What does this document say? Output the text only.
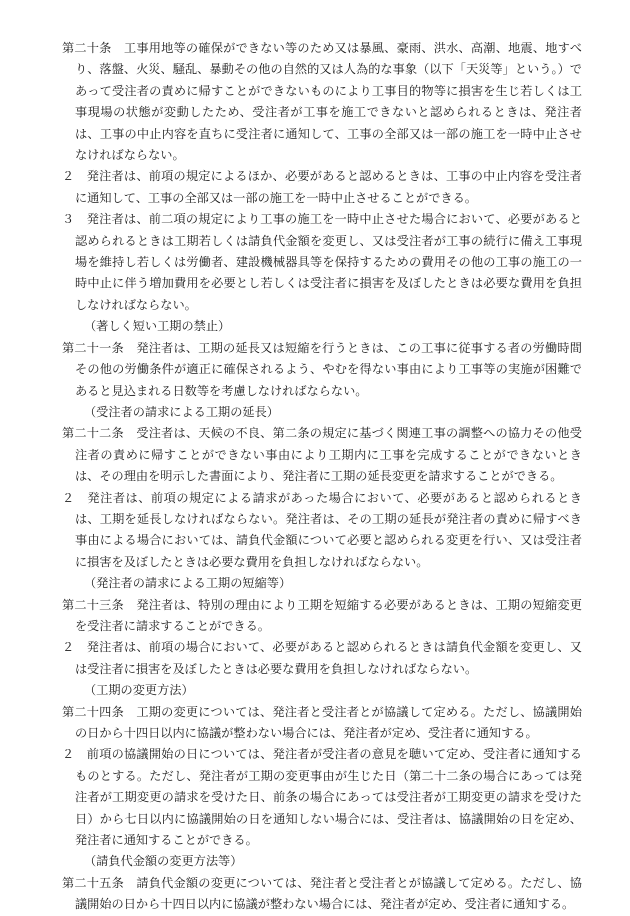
第二十条　工事用地等の確保ができない等のため又は暴風、豪雨、洪水、高潮、地震、地すべり、落盤、火災、騒乱、暴動その他の自然的又は人為的な事象（以下「天災等」という。）であって受注者の責めに帰すことができないものにより工事目的物等に損害を生じ若しくは工事現場の状態が変動したため、受注者が工事を施工できないと認められるときは、発注者は、工事の中止内容を直ちに受注者に通知して、工事の全部又は一部の施工を一時中止させなければならない。

２　発注者は、前項の規定によるほか、必要があると認めるときは、工事の中止内容を受注者に通知して、工事の全部又は一部の施工を一時中止させることができる。

３　発注者は、前二項の規定により工事の施工を一時中止させた場合において、必要があると認められるときは工期若しくは請負代金額を変更し、又は受注者が工事の続行に備え工事現場を維持し若しくは労働者、建設機械器具等を保持するための費用その他の工事の施工の一時中止に伴う増加費用を必要とし若しくは受注者に損害を及ぼしたときは必要な費用を負担しなければならない。

（著しく短い工期の禁止）

第二十一条　発注者は、工期の延長又は短縮を行うときは、この工事に従事する者の労働時間その他の労働条件が適正に確保されるよう、やむを得ない事由により工事等の実施が困難であると見込まれる日数等を考慮しなければならない。

（受注者の請求による工期の延長）

第二十二条　受注者は、天候の不良、第二条の規定に基づく関連工事の調整への協力その他受注者の責めに帰すことができない事由により工期内に工事を完成することができないときは、その理由を明示した書面により、発注者に工期の延長変更を請求することができる。

２　発注者は、前項の規定による請求があった場合において、必要があると認められるときは、工期を延長しなければならない。発注者は、その工期の延長が発注者の責めに帰すべき事由による場合においては、請負代金額について必要と認められる変更を行い、又は受注者に損害を及ぼしたときは必要な費用を負担しなければならない。

（発注者の請求による工期の短縮等）

第二十三条　発注者は、特別の理由により工期を短縮する必要があるときは、工期の短縮変更を受注者に請求することができる。

２　発注者は、前項の場合において、必要があると認められるときは請負代金額を変更し、又は受注者に損害を及ぼしたときは必要な費用を負担しなければならない。

（工期の変更方法）

第二十四条　工期の変更については、発注者と受注者とが協議して定める。ただし、協議開始の日から十四日以内に協議が整わない場合には、発注者が定め、受注者に通知する。

２　前項の協議開始の日については、発注者が受注者の意見を聴いて定め、受注者に通知するものとする。ただし、発注者が工期の変更事由が生じた日（第二十二条の場合にあっては発注者が工期変更の請求を受けた日、前条の場合にあっては受注者が工期変更の請求を受けた日）から七日以内に協議開始の日を通知しない場合には、受注者は、協議開始の日を定め、発注者に通知することができる。

（請負代金額の変更方法等）

第二十五条　請負代金額の変更については、発注者と受注者とが協議して定める。ただし、協議開始の日から十四日以内に協議が整わない場合には、発注者が定め、受注者に通知する。
